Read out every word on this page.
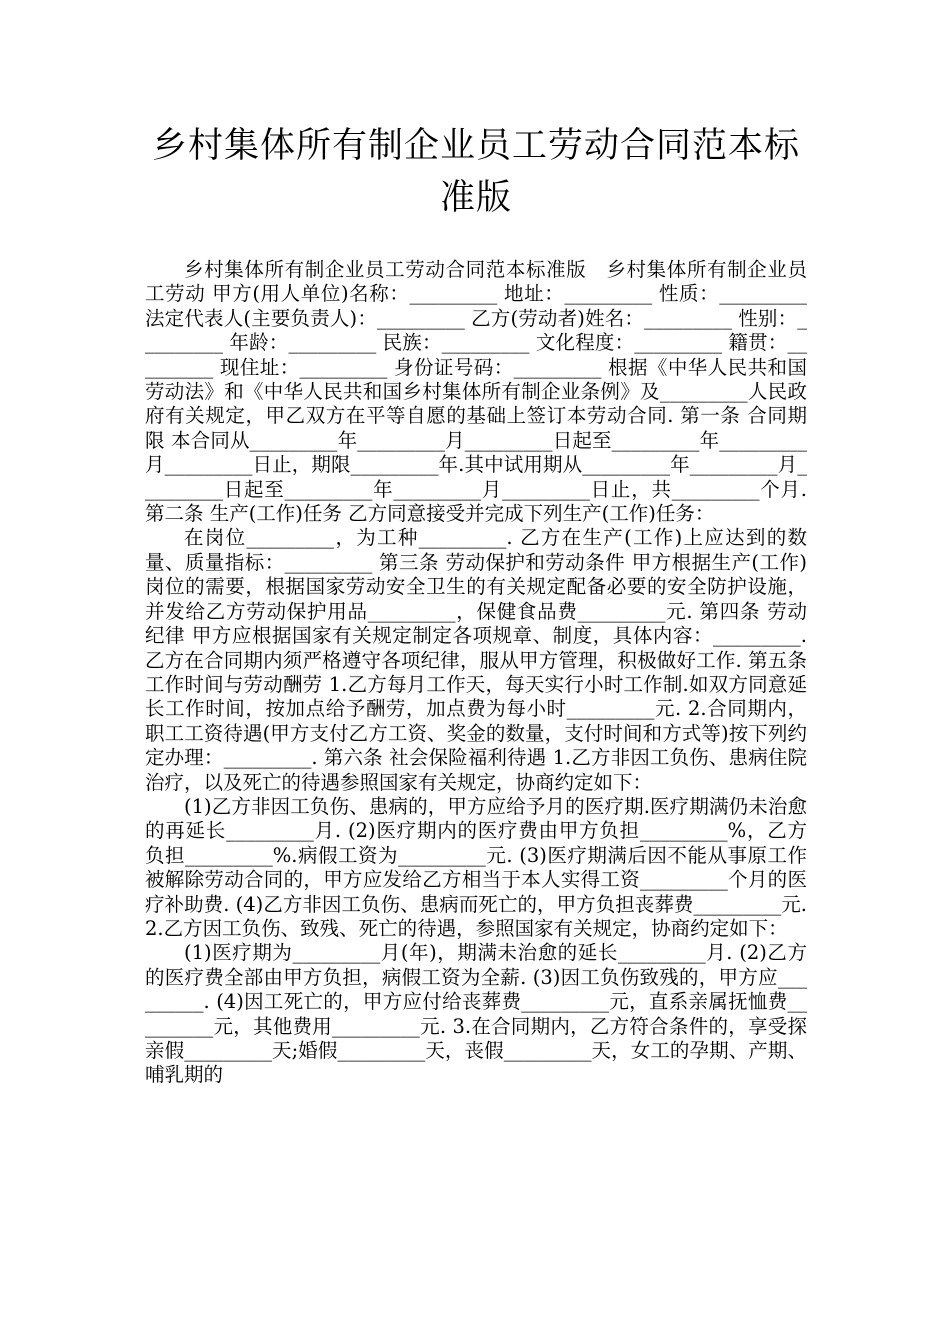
乡村集体所有制企业员工劳动合同范本标准版

乡村集体所有制企业员工劳动合同范本标准版　乡村集体所有制企业员工劳动 甲方(用人单位)名称：_________ 地址：_________ 性质：_________ 法定代表人(主要负责人)：_________ 乙方(劳动者)姓名：_________ 性别：_________ 年龄：_________ 民族：_________ 文化程度：_________ 籍贯：_________ 现住址：_________ 身份证号码：_________ 根据《中华人民共和国劳动法》和《中华人民共和国乡村集体所有制企业条例》及_________人民政府有关规定，甲乙双方在平等自愿的基础上签订本劳动合同. 第一条 合同期限 本合同从_________年_________月_________日起至_________年_________月_________日止，期限_________年.其中试用期从_________年_________月_________日起至_________年_________月_________日止，共_________个月. 第二条 生产(工作)任务 乙方同意接受并完成下列生产(工作)任务：

在岗位_________，为工种_________. 乙方在生产(工作)上应达到的数量、质量指标：_________ 第三条 劳动保护和劳动条件 甲方根据生产(工作)岗位的需要，根据国家劳动安全卫生的有关规定配备必要的安全防护设施，并发给乙方劳动保护用品_________，保健食品费_________元. 第四条 劳动纪律 甲方应根据国家有关规定制定各项规章、制度，具体内容：_________. 乙方在合同期内须严格遵守各项纪律，服从甲方管理，积极做好工作. 第五条 工作时间与劳动酬劳 1.乙方每月工作天，每天实行小时工作制.如双方同意延长工作时间，按加点给予酬劳，加点费为每小时_________元. 2.合同期内，职工工资待遇(甲方支付乙方工资、奖金的数量，支付时间和方式等)按下列约定办理：_________. 第六条 社会保险福利待遇 1.乙方非因工负伤、患病住院治疗，以及死亡的待遇参照国家有关规定，协商约定如下：

(1)乙方非因工负伤、患病的，甲方应给予月的医疗期.医疗期满仍未治愈的再延长_________月. (2)医疗期内的医疗费由甲方负担_________%，乙方负担_________%.病假工资为_________元. (3)医疗期满后因不能从事原工作被解除劳动合同的，甲方应发给乙方相当于本人实得工资_________个月的医疗补助费. (4)乙方非因工负伤、患病而死亡的，甲方负担丧葬费_________元. 2.乙方因工负伤、致残、死亡的待遇，参照国家有关规定，协商约定如下：

(1)医疗期为_________月(年)，期满未治愈的延长_________月. (2)乙方的医疗费全部由甲方负担，病假工资为全薪. (3)因工负伤致残的，甲方应_________. (4)因工死亡的，甲方应付给丧葬费_________元，直系亲属抚恤费_________元，其他费用_________元. 3.在合同期内，乙方符合条件的，享受探亲假_________天;婚假_________天，丧假_________天，女工的孕期、产期、哺乳期的
